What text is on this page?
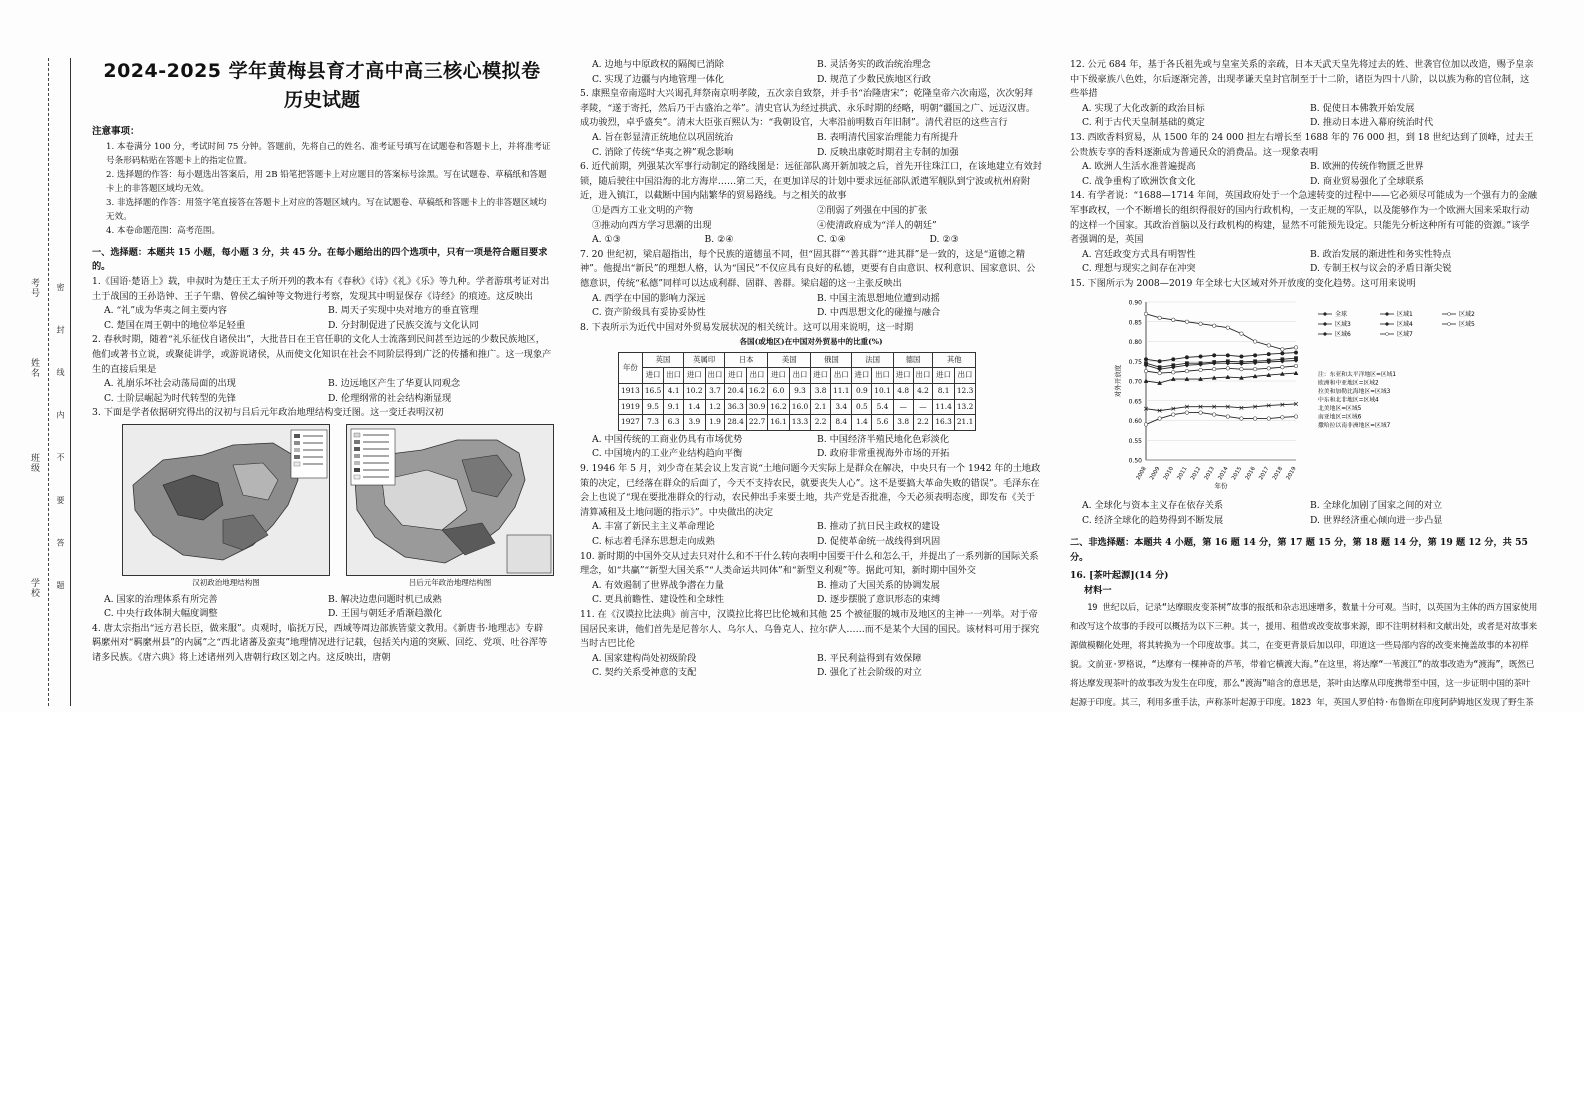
学校
班级
姓名
考号 密 封 线 内 不 要 答 题
2024-2025 学年黄梅县育才高中高三核心模拟卷
历史试题
注意事项：
1. 本卷满分 100 分，考试时间 75 分钟。答题前，先将自己的姓名、准考证号填写在试题卷和答题卡上，并将准考证号条形码粘贴在答题卡上的指定位置。
2. 选择题的作答：每小题选出答案后，用 2B 铅笔把答题卡上对应题目的答案标号涂黑。写在试题卷、草稿纸和答题卡上的非答题区域均无效。
3. 非选择题的作答：用签字笔直接答在答题卡上对应的答题区域内。写在试题卷、草稿纸和答题卡上的非答题区域均无效。
4. 本卷命题范围：高考范围。
一、选择题：本题共 15 小题，每小题 3 分，共 45 分。在每小题给出的四个选项中，只有一项是符合题目要求的。
1.《国语·楚语上》载，申叔时为楚庄王太子所开列的教本有《春秋》《诗》《礼》《乐》等九种。学者游琪考证对出土于战国的王孙诰钟、王子午鼎、曾侯乙编钟等文物进行考察，发现其中明显保存《诗经》的痕迹。这反映出
A. “礼”成为华夷之间主要内容	B. 周天子实现中央对地方的垂直管理
C. 楚国在周王朝中的地位举足轻重	D. 分封制促进了民族交流与文化认同
2. 春秋时期，随着“礼乐征伐自诸侯出”，大批昔日在王官任职的文化人士流落到民间甚至边远的少数民族地区，他们或著书立说，或聚徒讲学，或游说诸侯，从而使文化知识在社会不同阶层得到广泛的传播和推广。这一现象产生的直接后果是
A. 礼崩乐坏社会动荡局面的出现	B. 边远地区产生了华夏认同观念
C. 士阶层崛起为时代转型的先锋	D. 伦理纲常的社会结构渐显现
3. 下面是学者依据研究得出的汉初与吕后元年政治地理结构变迁图。这一变迁表明汉初
汉初政治地理结构图	吕后元年政治地理结构图
A. 国家的治理体系有所完善	B. 解决边患问题时机已成熟
C. 中央行政体制大幅度调整	D. 王国与朝廷矛盾渐趋激化
4. 唐太宗指出“远方君长臣，做来服”。贞观时，临抚万民，西域等周边部族皆蒙文教用。《新唐书·地理志》专辟羁縻州对“羁縻州县”的内属”之“西北诸蕃及蛮夷”地理情况进行记载，包括关内道的突厥、回纥、党项、吐谷浑等诸多民族。《唐六典》将上述诸州列入唐朝行政区划之内。这反映出，唐朝
A. 边地与中原政权的隔阂已消除	B. 灵活务实的政治统治理念
C. 实现了边疆与内地管理一体化	D. 规范了少数民族地区行政
5. 康熙皇帝南巡时大兴谒孔拜祭南京明孝陵，五次亲自致祭，并手书“治隆唐宋”；乾隆皇帝六次南巡，次次躬拜孝陵，“遂于寄托，然后乃干古盛治之举”。清史官认为经过拱武、永乐时期的经略，明朝“疆国之广、远迈汉唐。成功骏烈，卓乎盛矣”。清末大臣张百熙认为：“我朝设官，大率沿前明数百年旧制”。清代君臣的这些言行
A. 旨在彰显清正统地位以巩固统治	B. 表明清代国家治理能力有所提升
C. 消除了传统“华夷之辨”观念影响	D. 反映出康乾时期君主专制的加强
6. 近代前期，列强某次军事行动制定的路线图是：远征部队离开新加坡之后，首先开往珠江口，在该地建立有效封锁，随后驶往中国沿海的北方海岸……第二天，在更加详尽的计划中要求远征部队派遣军舰队到宁波或杭州府附近，进入镇江，以截断中国内陆繁华的贸易路线。与之相关的故事
①是西方工业文明的产物	②削弱了列强在中国的扩张
③推动向西方学习思潮的出现	④使清政府成为“洋人的朝廷”
A. ①③	B. ②④	C. ①④	D. ②③
7. 20 世纪初，梁启超指出，每个民族的道德虽不同，但“固其群”“善其群”“进其群”是一致的，这是“道德之精神”。他提出“新民”的理想人格，认为“国民”不仅应具有良好的私德，更要有自由意识、权利意识、国家意识、公德意识，传统“私德”同样可以达成利群、固群、善群。梁启超的这一主张反映出
A. 西学在中国的影响力深远	B. 中国主流思想地位遭到动摇
C. 资产阶级具有妥协妥协性	D. 中西思想文化的碰撞与融合
8. 下表所示为近代中国对外贸易发展状况的相关统计。这可以用来说明，这一时期
各国(或地区)在中国对外贸易中的比重(%)
年份	英国		英属印		日本		美国		俄国		法国		德国		其他	
	进口	出口	进口	出口	进口	出口	进口	出口	进口	出口	进口	出口	进口	出口	进口	出口
1913	16.5	4.1	10.2	3.7	20.4	16.2	6.0	9.3	3.8	11.1	0.9	10.1	4.8	4.2	8.1	12.3
1919	9.5	9.1	1.4	1.2	36.3	30.9	16.2	16.0	2.1	3.4	0.5	5.4	—	—	11.4	13.2
1927	7.3	6.3	3.9	1.9	28.4	22.7	16.1	13.3	2.2	8.4	1.4	5.6	3.8	2.2	16.3	21.1
A. 中国传统的工商业仍具有市场优势	B. 中国经济半殖民地化色彩淡化
C. 中国境内的工业产业结构趋向平衡	D. 政府非常重视海外市场的开拓
9. 1946 年 5 月，刘少奇在某会议上发言说“土地问题今天实际上是群众在解决，中央只有一个 1942 年的土地政策的决定，已经落在群众的后面了，今天不支持农民，就要丧失人心”。这不是要搞大革命失败的错误”。毛泽东在会上也说了“现在要批准群众的行动，农民伸出手来要土地，共产党是否批准，今天必须表明态度，即发布《关于清算减租及土地问题的指示》”。中央做出的决定
A. 丰富了新民主主义革命理论	B. 推动了抗日民主政权的建设
C. 标志着毛泽东思想走向成熟	D. 促使革命统一战线得到巩固
10. 新时期的中国外交从过去只对什么和不干什么转向表明中国要干什么和怎么干，并提出了一系列新的国际关系理念，如“共赢”“新型大国关系”“人类命运共同体”和“新型义利观”等。据此可知，新时期中国外交
A. 有效遏制了世界战争潜在力量	B. 推动了大国关系的协调发展
C. 更具前瞻性、建设性和全球性	D. 逐步摆脱了意识形态的束缚
11. 在《汉谟拉比法典》前言中，汉谟拉比将巴比伦城和其他 25 个被征服的城市及地区的主神一一列举。对于帝国居民来讲，他们首先是尼普尔人、乌尔人、乌鲁克人、拉尔萨人……而不是某个大国的国民。该材料可用于探究当时古巴比伦
A. 国家建构尚处初级阶段	B. 平民利益得到有效保障
C. 契约关系受神意的支配	D. 强化了社会阶级的对立
12. 公元 684 年，基于各氏祖先或与皇室关系的亲疏，日本天武天皇先将过去的姓、世袭官位加以改造，赐予皇亲中下级豪族八色姓，尔后逐渐完善，出现孝谦天皇封官制至于十二阶，诸臣为四十八阶，以以族为称的官位制，这些举措
A. 实现了大化改新的政治目标	B. 促使日本佛教开始发展
C. 利于古代天皇制基础的奠定	D. 推动日本进入幕府统治时代
13. 西欧香料贸易，从 1500 年的 24 000 担左右增长至 1688 年的 76 000 担，到 18 世纪达到了顶峰，过去王公贵族专享的香料逐渐成为普通民众的消费品。这一现象表明
A. 欧洲人生活水准普遍提高	B. 欧洲的传统作物匮乏世界
C. 战争重构了欧洲饮食文化	D. 商业贸易强化了全球联系
14. 有学者说：“1688—1714 年间，英国政府处于一个急速转变的过程中——它必须尽可能成为一个强有力的金融军事政权，一个不断增长的组织得很好的国内行政机构，一支正规的军队，以及能够作为一个欧洲大国来采取行动的这样一个国家。其政治首脑以及行政机构的构建，显然不可能预先设定。只能先分析这种所有可能的资源。”该学者强调的是，英国
A. 宫廷政变方式具有明智性	B. 政治发展的渐进性和务实性特点
C. 理想与现实之间存在冲突	D. 专制王权与议会的矛盾日渐尖锐
15. 下图所示为 2008—2019 年全球七大区域对外开放度的变化趋势。这可用来说明
0.50
0.55
0.60
0.65
0.70
0.75
0.80
0.85
0.90
2008 2009 2010 2011 2012 2013 2014 2015 2016 2017 2018 2019
年份
对外开放度
全球	区域1	区域2
区域3	区域4	区域5
区域6	区域7
注：东亚和太平洋地区=区域1
欧洲和中亚地区=区域2
拉美和加勒比海地区=区域3
中东和北非地区=区域4
北美地区=区域5
南亚地区=区域6
撒哈拉以南非洲地区=区域7
A. 全球化与资本主义存在依存关系	B. 全球化加剧了国家之间的对立
C. 经济全球化的趋势得到不断发展	D. 世界经济重心倾向进一步凸显
二、非选择题：本题共 4 小题，第 16 题 14 分，第 17 题 15 分，第 18 题 14 分，第 19 题 12 分，共 55 分。
16. [茶叶起源](14 分)
材料一
19 世纪以后，记录“达摩眼皮变茶树”故事的报纸和杂志迅速增多，数量十分可观。当时，以英国为主体的西方国家使用和改写这个故事的手段可以概括为以下三种。其一，援用、租借或改变故事来源，即不注明材料和文献出处，或者是对故事来源做模糊化处理，将其转换为一个印度故事。其二，在变更背景后加以印，印道这一些局部内容的改变来掩盖故事的本初样貌。文前亚·罗格说，“达摩有一棵神奇的芦苇，带着它横渡大海。”在这里，将达摩“一苇渡江”的故事改造为“渡海”，既然已将达摩发现茶叶的故事改为发生在印度，那么“渡海”暗含的意思是，茶叶由达摩从印度携带至中国，这一步证明中国的茶叶起源于印度。其三，利用多重手法，声称茶叶起源于印度。1823 年，英国人罗伯特·布鲁斯在印度阿萨姆地区发现了野生茶
